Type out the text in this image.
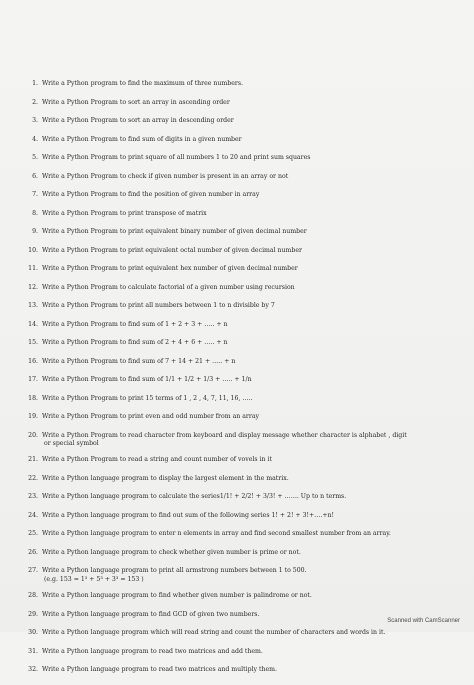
1. Write a Python program to find the maximum of three numbers.
2. Write a Python Program to sort an array in ascending order
3. Write a Python Program to sort an array in descending order
4. Write a Python Program to find sum of digits in a given number
5. Write a Python Program to print square of all numbers 1 to 20 and print sum squares
6. Write a Python Program to check if given number is present in an array or not
7. Write a Python Program to find the position of given number in array
8. Write a Python Program to print transpose of matrix
9. Write a Python Program to print equivalent binary number of given decimal number
10. Write a Python Program to print equivalent octal number of given decimal number
11. Write a Python Program to print equivalent hex number of given decimal number
12. Write a Python Program to calculate factorial of a given number using recursion
13. Write a Python Program to print all numbers between 1 to n divisible by 7
14. Write a Python Program to find sum of 1 + 2 + 3 + ….. + n
15. Write a Python Program to find sum of 2 + 4 + 6 + ….. + n
16. Write a Python Program to find sum of 7 + 14 + 21 + ….. + n
17. Write a Python Program to find sum of 1/1 + 1/2 + 1/3 + ….. + 1/n
18. Write a Python Program to print 15 terms of 1 , 2 , 4, 7, 11, 16, …..
19. Write a Python Program to print even and odd number from an array
20. Write a Python Program to read character from keyboard and display message whether character is alphabet , digit
or special symbol
21. Write a Python Program to read a string and count number of vovels in it
22. Write a Python language program to display the largest element in the matrix.
23. Write a Python language program to calculate the series1/1! + 2/2! + 3/3! + ……. Up to n terms.
24. Write a Python language program to find out sum of the following series 1! + 2! + 3!+….+n!
25. Write a Python language program to enter n elements in array and find second smallest number from an array.
26. Write a Python language program to check whether given number is prime or not.
27. Write a Python language program to print all armstrong numbers between 1 to 500.
(e.g. 153 = 1³ + 5³ + 3³ = 153 )
28. Write a Python language program to find whether given number is palindrome or not.
29. Write a Python language program to find GCD of given two numbers.
30. Write a Python language program which will read string and count the number of characters and words in it.
31. Write a Python language program to read two matrices and add them.
32. Write a Python language program to read two matrices and multiply them.
Scanned with CamScanner
